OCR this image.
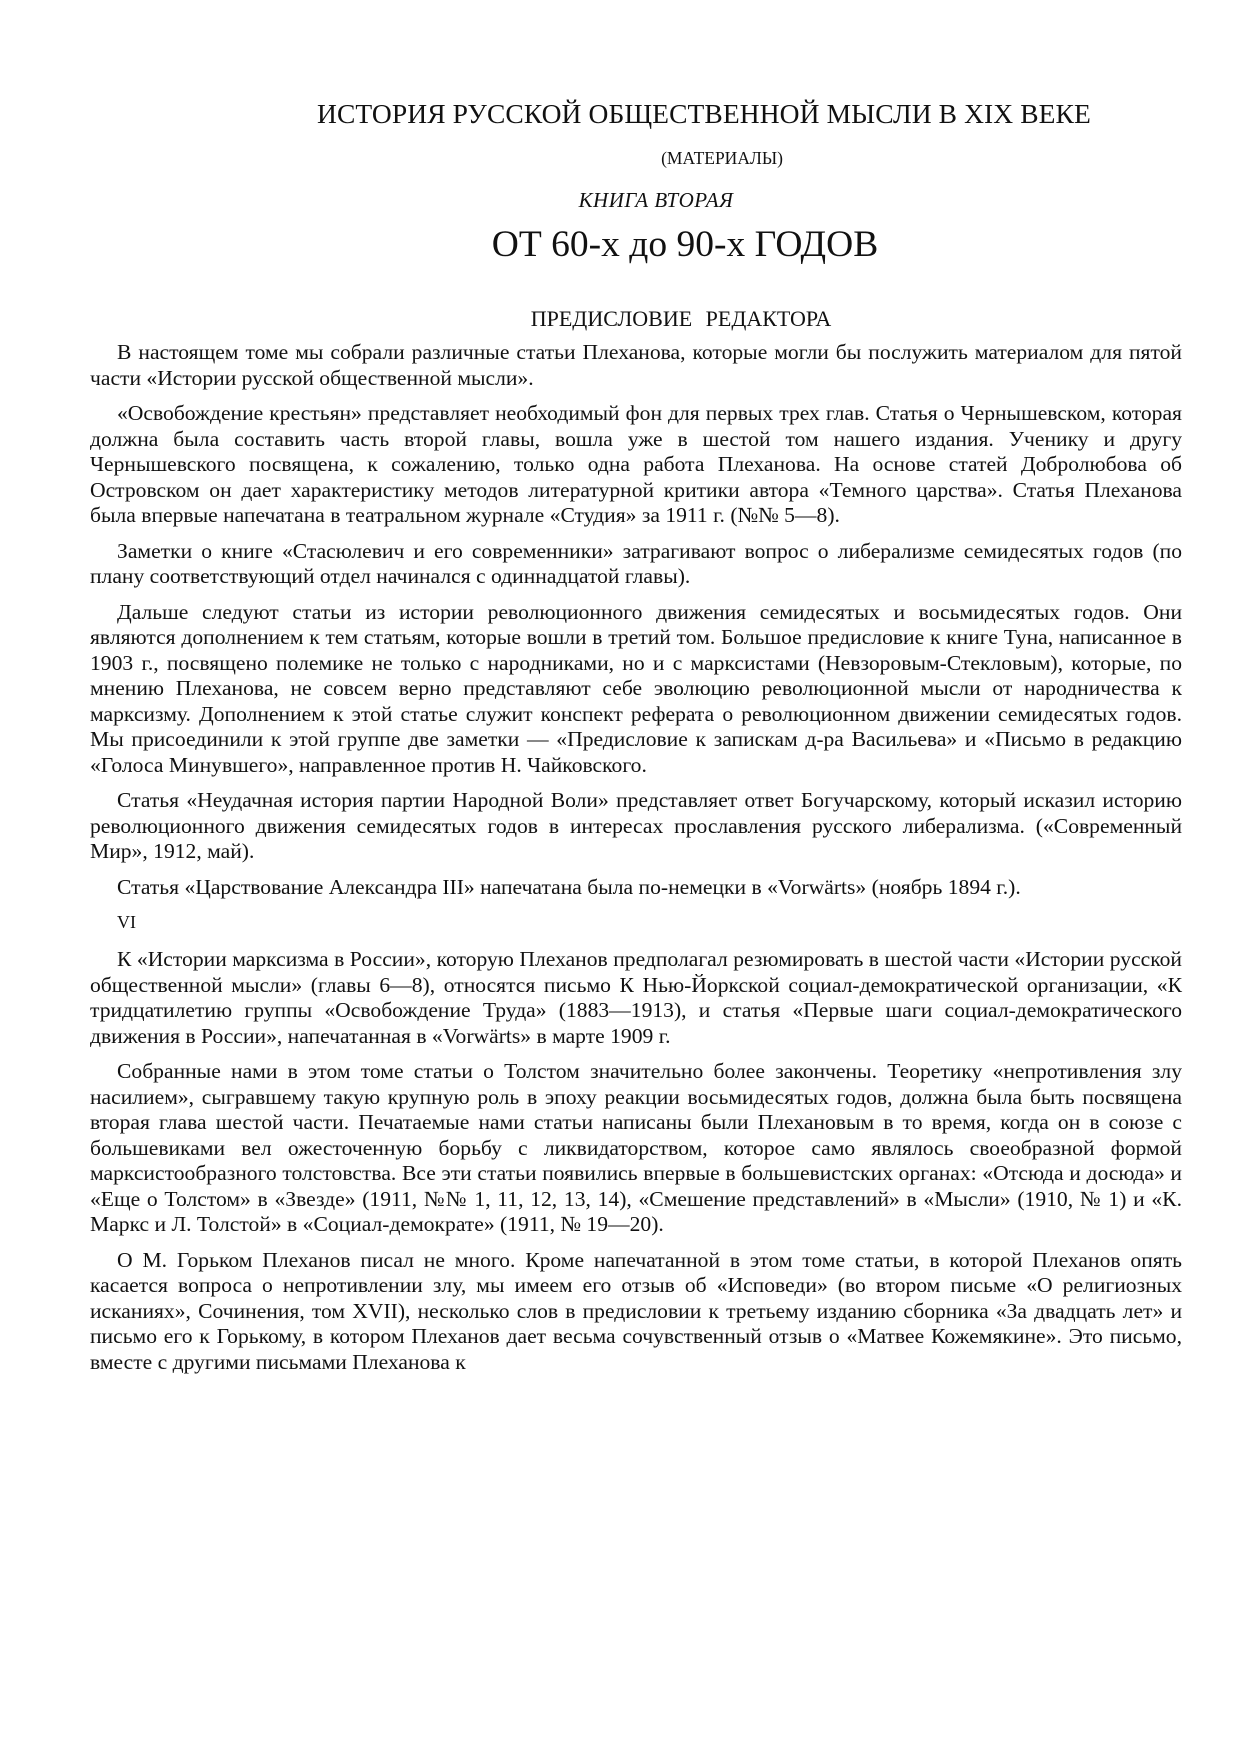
ИСТОРИЯ РУССКОЙ ОБЩЕСТВЕННОЙ МЫСЛИ В XIX ВЕКЕ
(МАТЕРИАЛЫ)
КНИГА ВТОРАЯ
ОТ 60-х до 90-х ГОДОВ
ПРЕДИСЛОВИЕ РЕДАКТОРА

В настоящем томе мы собрали различные статьи Плеханова, которые могли бы послужить материалом для пятой части «Истории русской общественной мысли».

«Освобождение крестьян» представляет необходимый фон для первых трех глав. Статья о Чернышевском, которая должна была составить часть второй главы, вошла уже в шестой том нашего издания. Ученику и другу Чернышевского посвящена, к сожалению, только одна работа Плеханова. На основе статей Добролюбова об Островском он дает характеристику методов литературной критики автора «Темного царства». Статья Плеханова была впервые напечатана в театральном журнале «Студия» за 1911 г. (№№ 5—8).

Заметки о книге «Стасюлевич и его современники» затрагивают вопрос о либерализме семидесятых годов (по плану соответствующий отдел начинался с одиннадцатой главы).

Дальше следуют статьи из истории революционного движения семидесятых и восьмидесятых годов. Они являются дополнением к тем статьям, которые вошли в третий том. Большое предисловие к книге Туна, написанное в 1903 г., посвящено полемике не только с народниками, но и с марксистами (Невзоровым-Стекловым), которые, по мнению Плеханова, не совсем верно представляют себе эволюцию революционной мысли от народничества к марксизму. Дополнением к этой статье служит конспект реферата о революционном движении семидесятых годов. Мы присоединили к этой группе две заметки — «Предисловие к запискам д-ра Васильева» и «Письмо в редакцию «Голоса Минувшего», направленное против Н. Чайковского.

Статья «Неудачная история партии Народной Воли» представляет ответ Богучарскому, который исказил историю революционного движения семидесятых годов в интересах прославления русского либерализма. («Современный Мир», 1912, май).

Статья «Царствование Александра III» напечатана была по-немецки в «Vorwärts» (ноябрь 1894 г.).

VI

К «Истории марксизма в России», которую Плеханов предполагал резюмировать в шестой части «Истории русской общественной мысли» (главы 6—8), относятся письмо К Нью-Йоркской социал-демократической организации, «К тридцатилетию группы «Освобождение Труда» (1883—1913), и статья «Первые шаги социал-демократического движения в России», напечатанная в «Vorwärts» в марте 1909 г.

Собранные нами в этом томе статьи о Толстом значительно более закончены. Теоретику «непротивления злу насилием», сыгравшему такую крупную роль в эпоху реакции восьмидесятых годов, должна была быть посвящена вторая глава шестой части. Печатаемые нами статьи написаны были Плехановым в то время, когда он в союзе с большевиками вел ожесточенную борьбу с ликвидаторством, которое само являлось своеобразной формой марксистообразного толстовства. Все эти статьи появились впервые в большевистских органах: «Отсюда и досюда» и «Еще о Толстом» в «Звезде» (1911, №№ 1, 11, 12, 13, 14), «Смешение представлений» в «Мысли» (1910, № 1) и «К. Маркс и Л. Толстой» в «Социал-демократе» (1911, № 19—20).

О М. Горьком Плеханов писал не много. Кроме напечатанной в этом томе статьи, в которой Плеханов опять касается вопроса о непротивлении злу, мы имеем его отзыв об «Исповеди» (во втором письме «О религиозных исканиях», Сочинения, том XVII), несколько слов в предисловии к третьему изданию сборника «За двадцать лет» и письмо его к Горькому, в котором Плеханов дает весьма сочувственный отзыв о «Матвее Кожемякине». Это письмо, вместе с другими письмами Плеханова к
